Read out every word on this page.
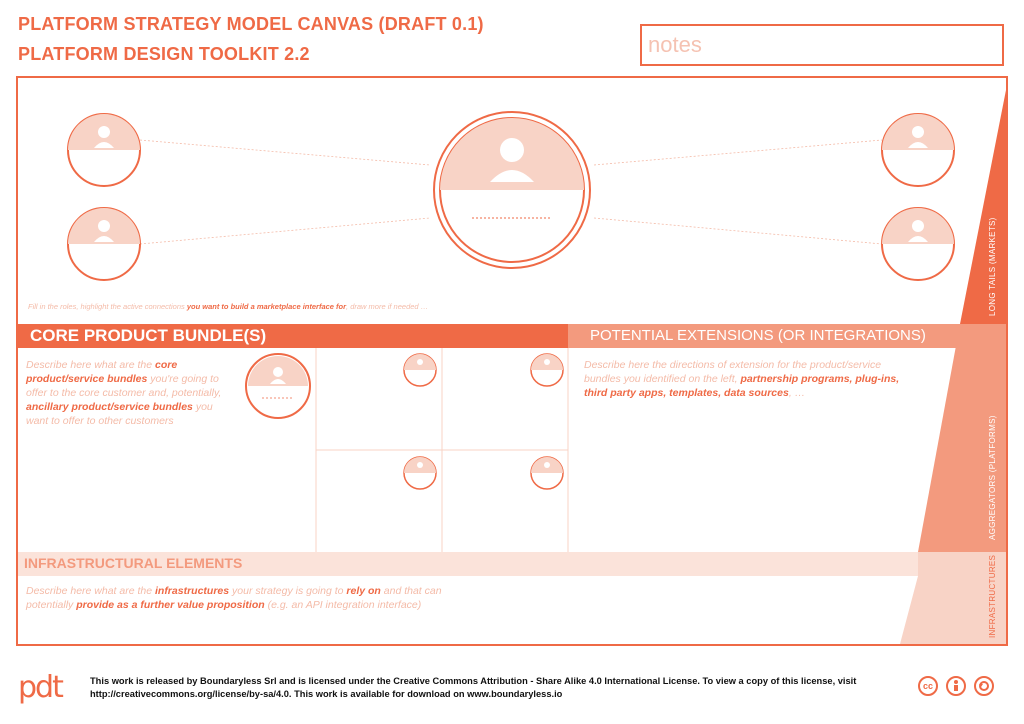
PLATFORM STRATEGY MODEL CANVAS (DRAFT 0.1)
PLATFORM DESIGN TOOLKIT 2.2	notes
Fill in the roles, highlight the active connections you want to build a marketplace interface for, draw more if needed …
CORE PRODUCT BUNDLE(S)	POTENTIAL EXTENSIONS (OR INTEGRATIONS)
Describe here what are the core product/service bundles you're going to offer to the core customer and, potentially, ancillary product/service bundles you want to offer to other customers
Describe here the directions of extension for the product/service bundles you identified on the left, partnership programs, plug-ins, third party apps, templates, data sources, …
INFRASTRUCTURAL ELEMENTS
Describe here what are the infrastructures your strategy is going to rely on and that can potentially provide as a further value proposition (e.g. an API integration interface)
LONG TAILS (MARKETS)
AGGREGATORS (PLATFORMS)
INFRASTRUCTURES
pdt	This work is released by Boundaryless Srl and is licensed under the Creative Commons Attribution - Share Alike 4.0 International License. To view a copy of this license, visit
http://creativecommons.org/license/by-sa/4.0. This work is available for download on www.boundaryless.io
cc
